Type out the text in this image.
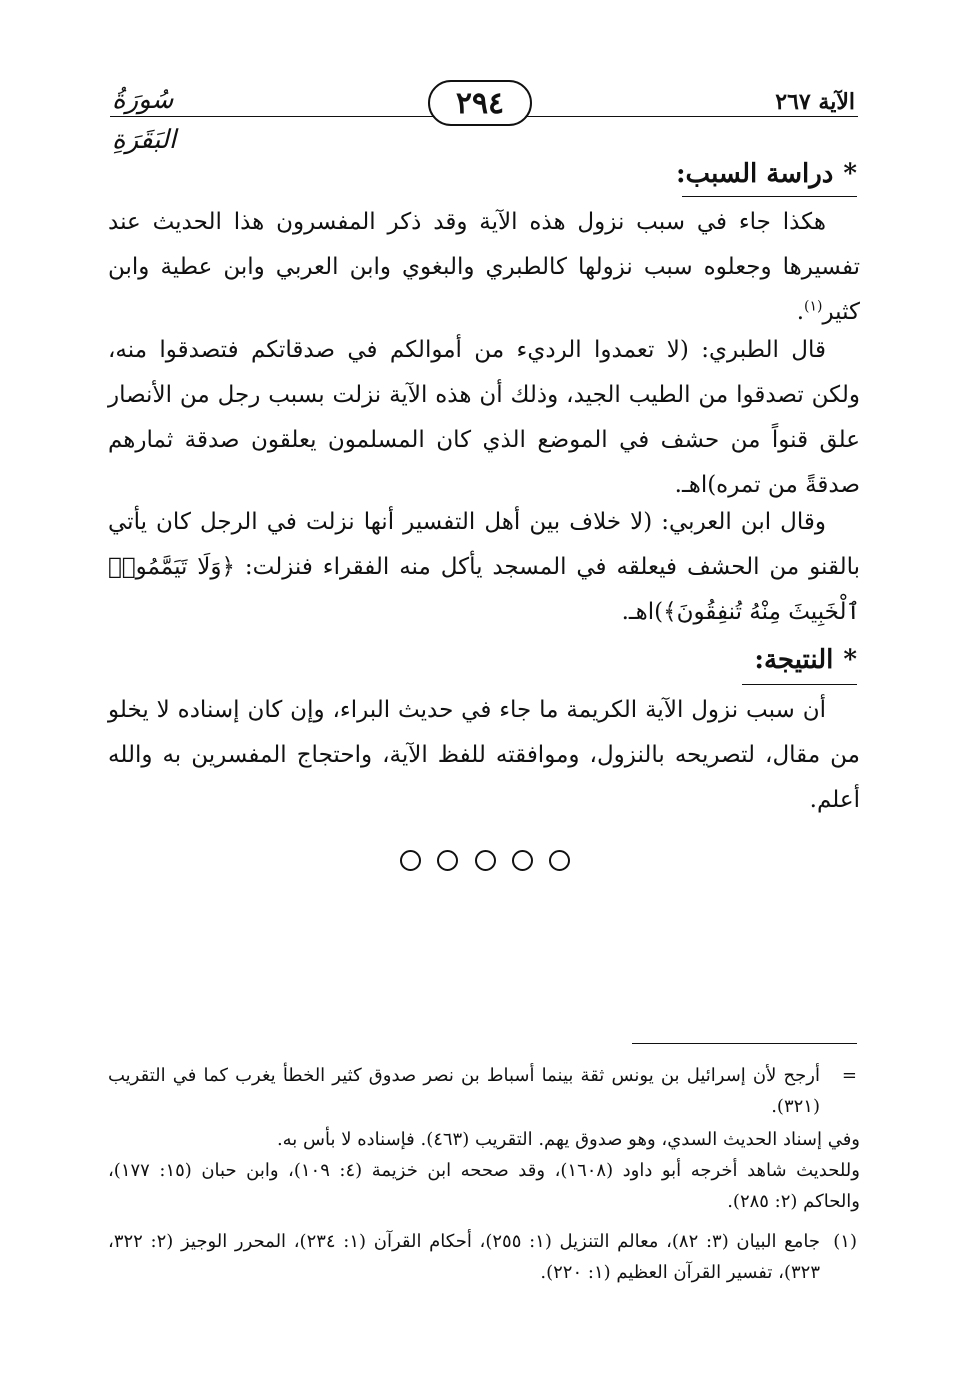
سُورَةُ البَقَرَةِ
٢٩٤	الآية ٢٦٧
*دراسة السبب:
هكذا جاء في سبب نزول هذه الآية وقد ذكر المفسرون هذا الحديث عند تفسيرها وجعلوه سبب نزولها كالطبري والبغوي وابن العربي وابن عطية وابن كثير$^{(١)}$.
قال الطبري: (لا تعمدوا الرديء من أموالكم في صدقاتكم فتصدقوا منه، ولكن تصدقوا من الطيب الجيد، وذلك أن هذه الآية نزلت بسبب رجل من الأنصار علق قنواً من حشف في الموضع الذي كان المسلمون يعلقون صدقة ثمارهم صدقةً من تمره)اهـ.
وقال ابن العربي: (لا خلاف بين أهل التفسير أنها نزلت في الرجل كان يأتي بالقنو من الحشف فيعلقه في المسجد يأكل منه الفقراء فنزلت: ﴿وَلَا تَيَمَّمُوا۟ ٱلْخَبِيثَ مِنْهُ تُنفِقُونَ﴾)اهـ.
*النتيجة:
أن سبب نزول الآية الكريمة ما جاء في حديث البراء، وإن كان إسناده لا يخلو من مقال، لتصريحه بالنزول، وموافقته للفظ الآية، واحتجاج المفسرين به والله أعلم.
=
أرجح لأن إسرائيل بن يونس ثقة بينما أسباط بن نصر صدوق كثير الخطأ يغرب كما في التقريب (٣٢١).
وفي إسناد الحديث السدي، وهو صدوق يهم. التقريب (٤٦٣). فإسناده لا بأس به.
وللحديث شاهد أخرجه أبو داود (١٦٠٨)، وقد صححه ابن خزيمة (٤: ١٠٩)، وابن حبان (١٥: ١٧٧)، والحاكم (٢: ٢٨٥).
(١)
جامع البيان (٣: ٨٢)، معالم التنزيل (١: ٢٥٥)، أحكام القرآن (١: ٢٣٤)، المحرر الوجيز (٢: ٣٢٢، ٣٢٣)، تفسير القرآن العظيم (١: ٢٢٠).
